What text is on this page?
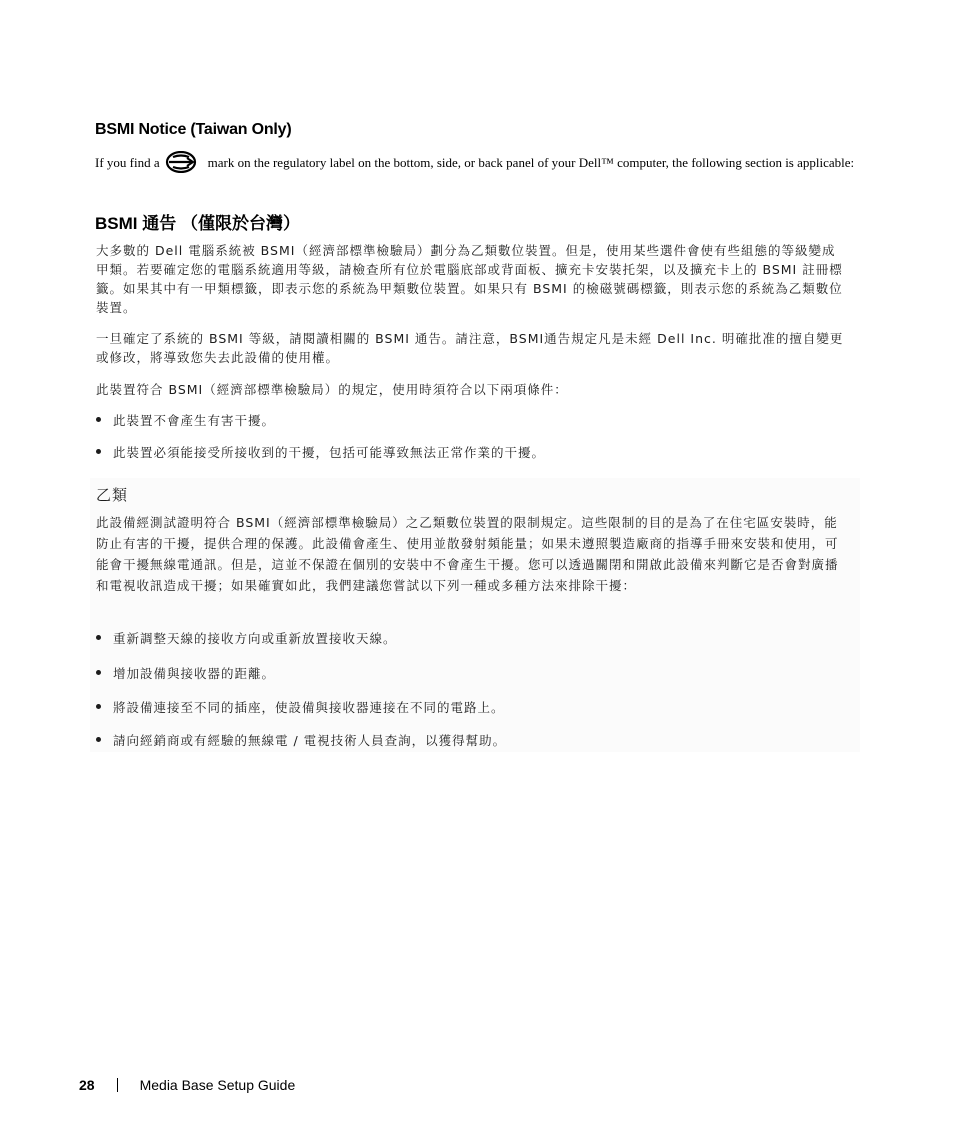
BSMI Notice (Taiwan Only)

If you find a	mark on the regulatory label on the bottom, side, or back panel of your Dell™ computer, the following section is applicable:

BSMI 通告 （僅限於台灣）

大多數的 Dell 電腦系統被 BSMI（經濟部標準檢驗局）劃分為乙類數位裝置。但是，使用某些選件會使有些組態的等級變成甲類。若要確定您的電腦系統適用等級，請檢查所有位於電腦底部或背面板、擴充卡安裝托架，以及擴充卡上的 BSMI 註冊標籤。如果其中有一甲類標籤，即表示您的系統為甲類數位裝置。如果只有 BSMI 的檢磁號碼標籤，則表示您的系統為乙類數位裝置。

一旦確定了系統的 BSMI 等級，請閱讀相關的 BSMI 通告。請注意，BSMI通告規定凡是未經 Dell Inc. 明確批准的擅自變更或修改，將導致您失去此設備的使用權。

此裝置符合 BSMI（經濟部標準檢驗局）的規定，使用時須符合以下兩項條件：

此裝置不會產生有害干擾。
此裝置必須能接受所接收到的干擾，包括可能導致無法正常作業的干擾。
乙類

此設備經測試證明符合 BSMI（經濟部標準檢驗局）之乙類數位裝置的限制規定。這些限制的目的是為了在住宅區安裝時，能防止有害的干擾，提供合理的保護。此設備會產生、使用並散發射頻能量；如果未遵照製造廠商的指導手冊來安裝和使用，可能會干擾無線電通訊。但是，這並不保證在個別的安裝中不會產生干擾。您可以透過關閉和開啟此設備來判斷它是否會對廣播和電視收訊造成干擾；如果確實如此，我們建議您嘗試以下列一種或多種方法來排除干擾：

重新調整天線的接收方向或重新放置接收天線。
增加設備與接收器的距離。
將設備連接至不同的插座，使設備與接收器連接在不同的電路上。
請向經銷商或有經驗的無線電 / 電視技術人員查詢，以獲得幫助。
28	Media Base Setup Guide
